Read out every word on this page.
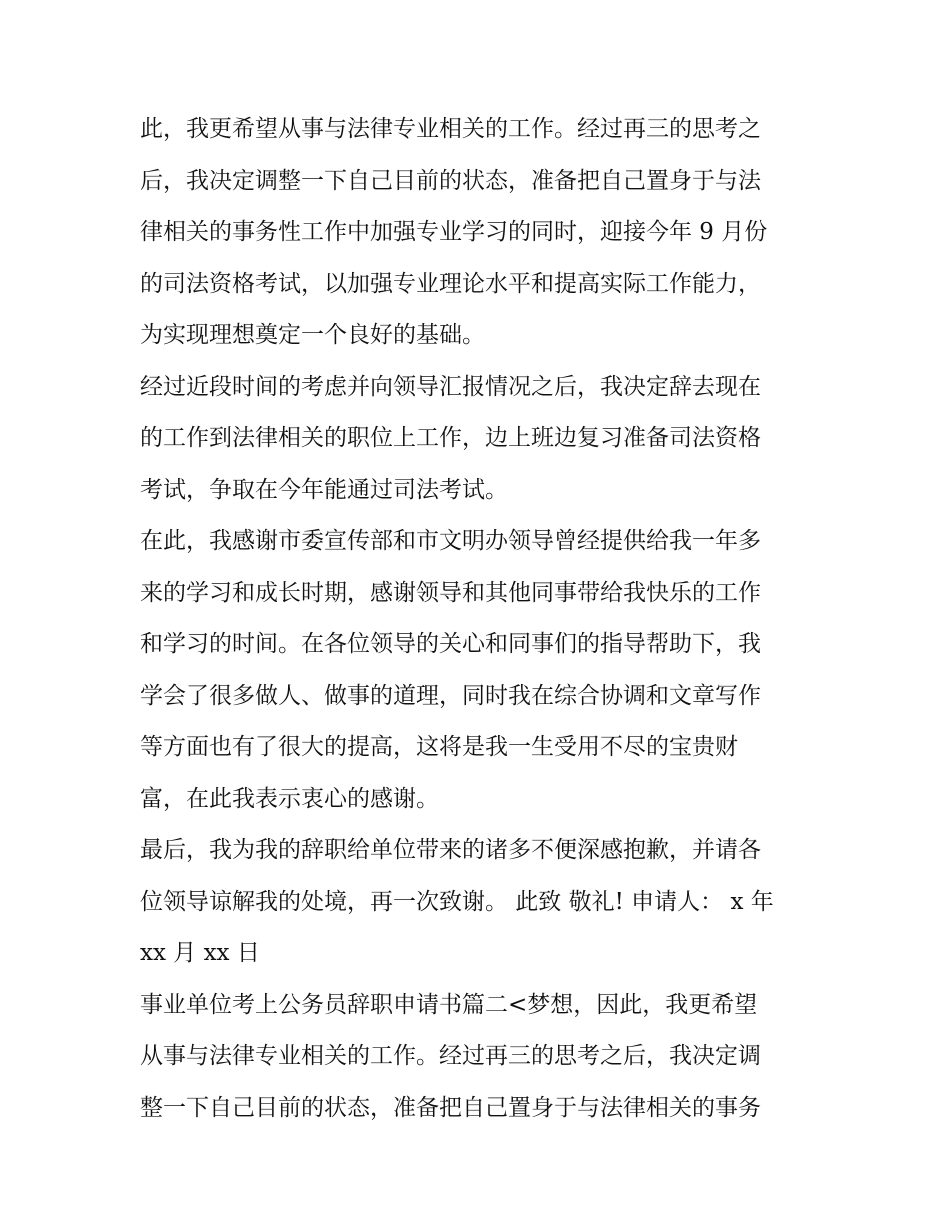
此，我更希望从事与法律专业相关的工作。经过再三的思考之
后，我决定调整一下自己目前的状态，准备把自己置身于与法
律相关的事务性工作中加强专业学习的同时，迎接今年 9 月份
的司法资格考试，以加强专业理论水平和提高实际工作能力，
为实现理想奠定一个良好的基础。
经过近段时间的考虑并向领导汇报情况之后，我决定辞去现在
的工作到法律相关的职位上工作，边上班边复习准备司法资格
考试，争取在今年能通过司法考试。
在此，我感谢市委宣传部和市文明办领导曾经提供给我一年多
来的学习和成长时期，感谢领导和其他同事带给我快乐的工作
和学习的时间。在各位领导的关心和同事们的指导帮助下，我
学会了很多做人、做事的道理，同时我在综合协调和文章写作
等方面也有了很大的提高，这将是我一生受用不尽的宝贵财
富，在此我表示衷心的感谢。
最后，我为我的辞职给单位带来的诸多不便深感抱歉，并请各
位领导谅解我的处境，再一次致谢。 此致 敬礼! 申请人： x 年
xx 月 xx 日
事业单位考上公务员辞职申请书篇二<梦想，因此，我更希望
从事与法律专业相关的工作。经过再三的思考之后，我决定调
整一下自己目前的状态，准备把自己置身于与法律相关的事务
